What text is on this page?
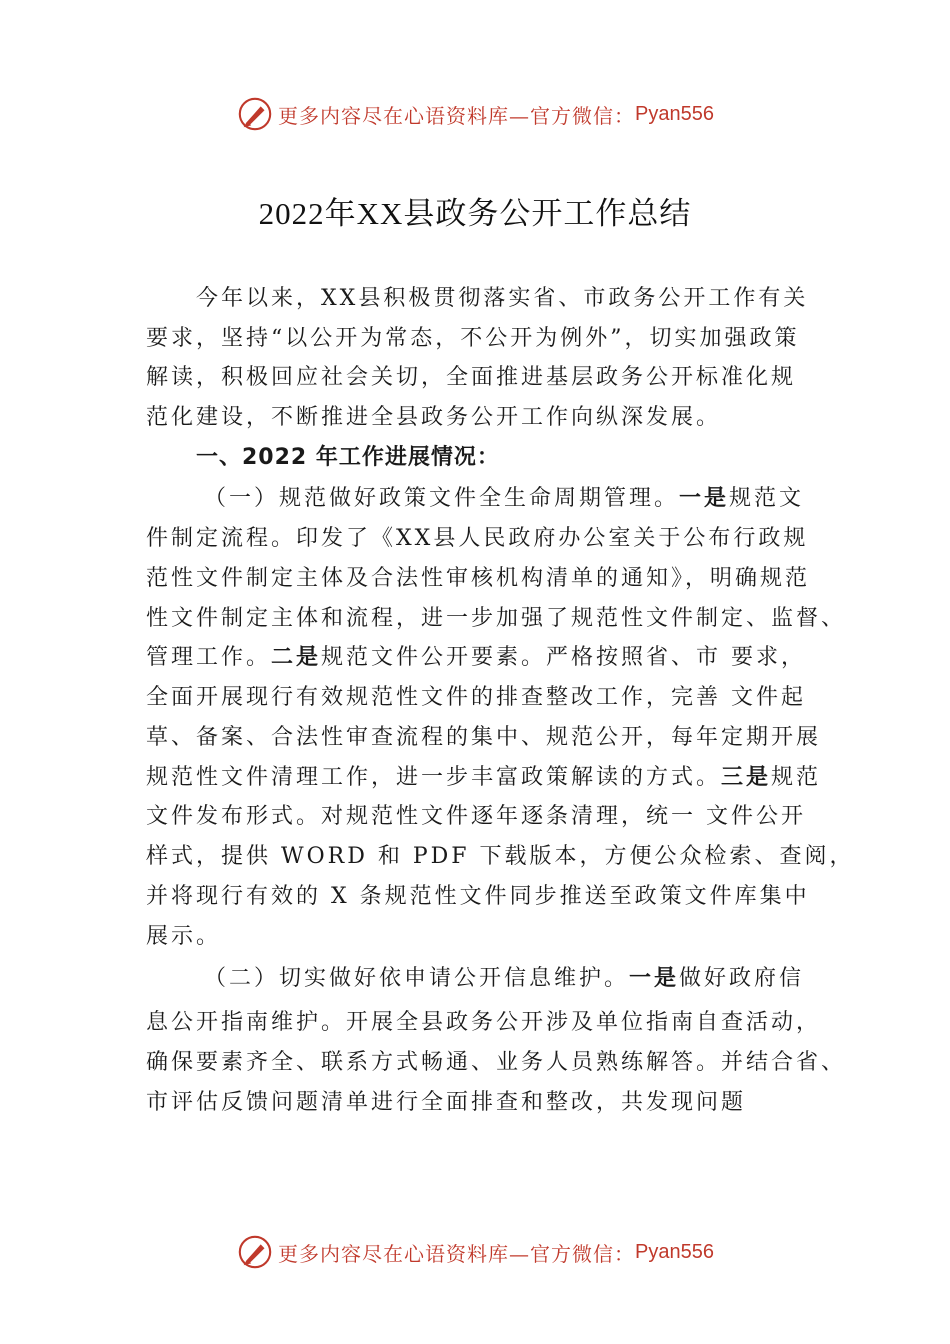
更多内容尽在心语资料库—官方微信： Pyan556
2022年XX县政务公开工作总结
今年以来，XX县积极贯彻落实省、市政务公开工作有关
要求，坚持“以公开为常态，不公开为例外”，切实加强政策
解读，积极回应社会关切，全面推进基层政务公开标准化规
范化建设，不断推进全县政务公开工作向纵深发展。
一、2022 年工作进展情况：
（一）规范做好政策文件全生命周期管理。一是规范文
件制定流程。印发了《XX县人民政府办公室关于公布行政规
范性文件制定主体及合法性审核机构清单的通知》，明确规范
性文件制定主体和流程，进一步加强了规范性文件制定、监督、
管理工作。二是规范文件公开要素。严格按照省、市 要求，
全面开展现行有效规范性文件的排查整改工作，完善 文件起
草、备案、合法性审查流程的集中、规范公开，每年定期开展
规范性文件清理工作，进一步丰富政策解读的方式。三是规范
文件发布形式。对规范性文件逐年逐条清理，统一 文件公开
样式，提供 WORD 和 PDF 下载版本，方便公众检索、查阅，
并将现行有效的 X 条规范性文件同步推送至政策文件库集中
展示。
（二）切实做好依申请公开信息维护。一是做好政府信
息公开指南维护。开展全县政务公开涉及单位指南自查活动，
确保要素齐全、联系方式畅通、业务人员熟练解答。并结合省、
市评估反馈问题清单进行全面排查和整改，共发现问题
更多内容尽在心语资料库—官方微信： Pyan556
